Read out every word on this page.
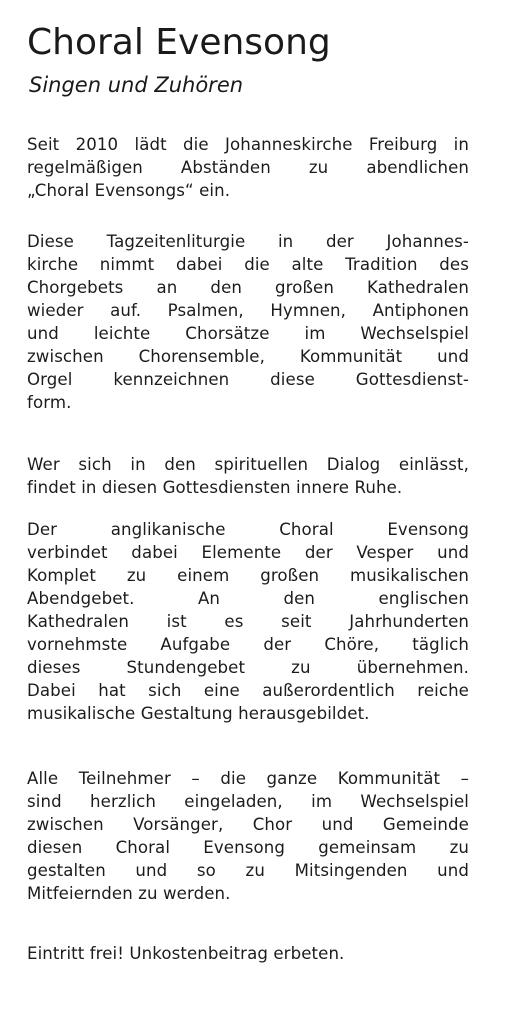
Choral Evensong
Singen und Zuhören
Seit 2010 lädt die Johanneskirche Freiburg in
regelmäßigen Abständen zu abendlichen
„Choral Evensongs“ ein.
Diese Tagzeitenliturgie in der Johannes-
kirche nimmt dabei die alte Tradition des
Chorgebets an den großen Kathedralen
wieder auf. Psalmen, Hymnen, Antiphonen
und leichte Chorsätze im Wechselspiel
zwischen Chorensemble, Kommunität und
Orgel kennzeichnen diese Gottesdienst-
form.
Wer sich in den spirituellen Dialog einlässt,
findet in diesen Gottesdiensten innere Ruhe.
Der anglikanische Choral Evensong
verbindet dabei Elemente der Vesper und
Komplet zu einem großen musikalischen
Abendgebet. An den englischen
Kathedralen ist es seit Jahrhunderten
vornehmste Aufgabe der Chöre, täglich
dieses Stundengebet zu übernehmen.
Dabei hat sich eine außerordentlich reiche
musikalische Gestaltung herausgebildet.
Alle Teilnehmer – die ganze Kommunität –
sind herzlich eingeladen, im Wechselspiel
zwischen Vorsänger, Chor und Gemeinde
diesen Choral Evensong gemeinsam zu
gestalten und so zu Mitsingenden und
Mitfeiernden zu werden.
Eintritt frei! Unkostenbeitrag erbeten.
